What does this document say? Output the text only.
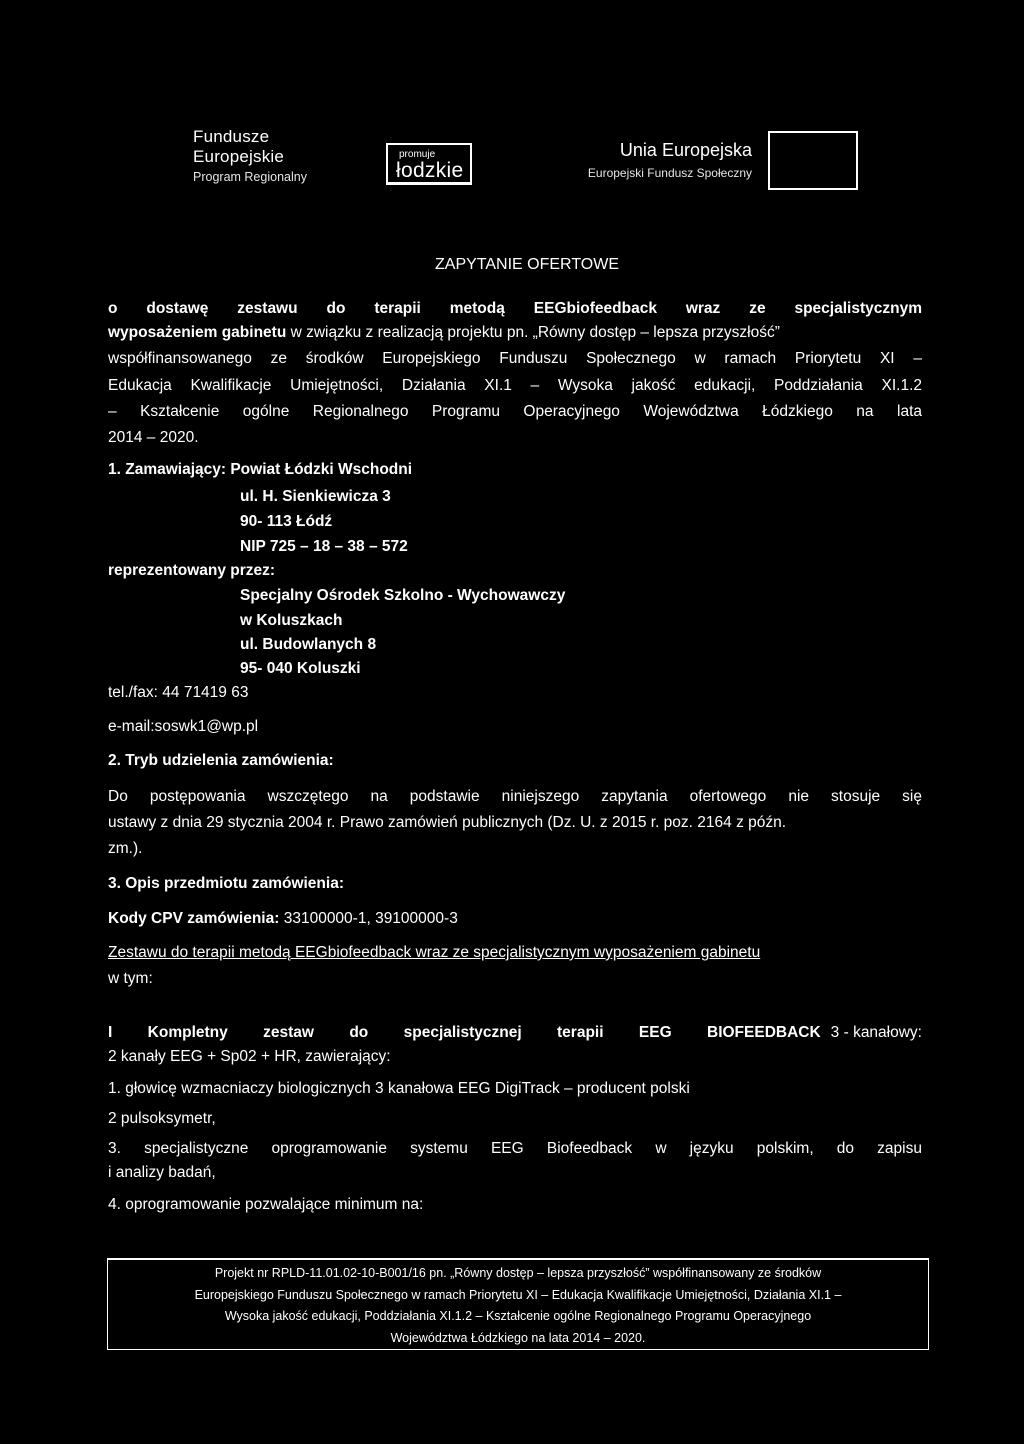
Fundusze
Europejskie
Program Regionalny
promuje
łodzkie
Unia Europejska
Europejski Fundusz Społeczny
ZAPYTANIE OFERTOWE
o dostawę zestawu do terapii metodą EEGbiofeedback wraz ze specjalistycznym
wyposażeniem gabinetu w związku z realizacją projektu pn. „Równy dostęp – lepsza przyszłość”
współfinansowanego ze środków Europejskiego Funduszu Społecznego w ramach Priorytetu XI –
Edukacja Kwalifikacje Umiejętności, Działania XI.1 – Wysoka jakość edukacji, Poddziałania XI.1.2
– Kształcenie ogólne Regionalnego Programu Operacyjnego Województwa Łódzkiego na lata
2014 – 2020.
1. Zamawiający: Powiat Łódzki Wschodni
ul. H. Sienkiewicza 3
90- 113 Łódź
NIP 725 – 18 – 38 – 572
reprezentowany przez:
Specjalny Ośrodek Szkolno - Wychowawczy
w Koluszkach
ul. Budowlanych 8
95- 040 Koluszki
tel./fax: 44 71419 63
e-mail:soswk1@wp.pl
2. Tryb udzielenia zamówienia:
Do postępowania wszczętego na podstawie niniejszego zapytania ofertowego nie stosuje się
ustawy z dnia 29 stycznia 2004 r. Prawo zamówień publicznych (Dz. U. z 2015 r. poz. 2164 z późn.
zm.).
3. Opis przedmiotu zamówienia:
Kody CPV zamówienia: 33100000-1, 39100000-3
Zestawu do terapii metodą EEGbiofeedback wraz ze specjalistycznym wyposażeniem gabinetu
w tym:
I Kompletny zestaw do specjalistycznej terapii EEG BIOFEEDBACK 3 - kanałowy:
2 kanały EEG + Sp02 + HR, zawierający:
1. głowicę wzmacniaczy biologicznych 3 kanałowa EEG DigiTrack – producent polski
2 pulsoksymetr,
3. specjalistyczne oprogramowanie systemu EEG Biofeedback w języku polskim, do zapisu
i analizy badań,
4. oprogramowanie pozwalające minimum na:
Projekt nr RPLD-11.01.02-10-B001/16 pn. „Równy dostęp – lepsza przyszłość” współfinansowany ze środków
Europejskiego Funduszu Społecznego w ramach Priorytetu XI – Edukacja Kwalifikacje Umiejętności, Działania XI.1 –
Wysoka jakość edukacji, Poddziałania XI.1.2 – Kształcenie ogólne Regionalnego Programu Operacyjnego
Województwa Łódzkiego na lata 2014 – 2020.
